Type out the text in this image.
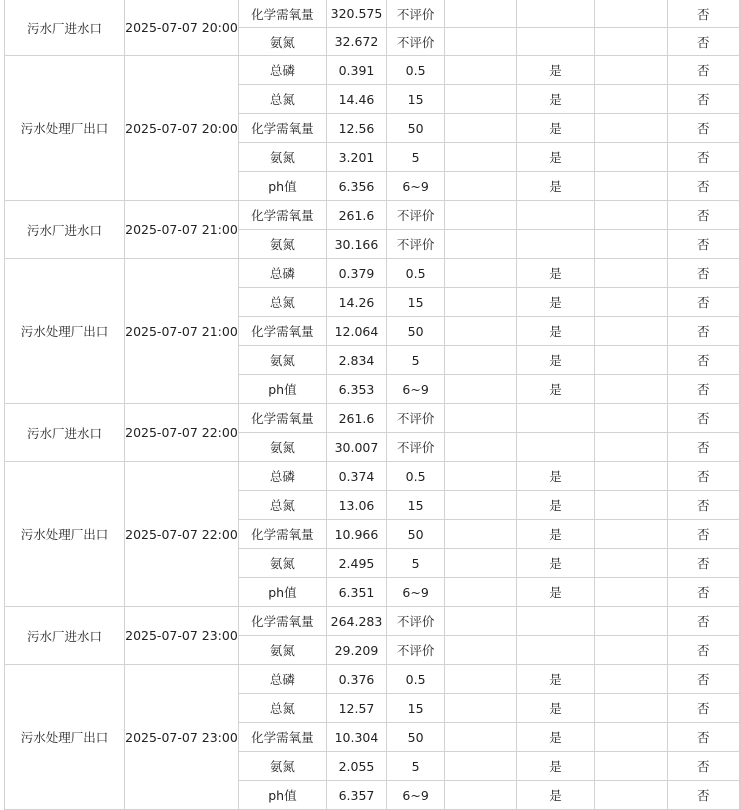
污水厂进水口	2025-07-07 20:00	化学需氧量	320.575	不评价				否	
		氨氮	32.672	不评价				否	
污水处理厂出口	2025-07-07 20:00	总磷	0.391	0.5		是		否	
		总氮	14.46	15		是		否	
		化学需氧量	12.56	50		是		否	
		氨氮	3.201	5		是		否	
		ph值	6.356	6~9		是		否	
污水厂进水口	2025-07-07 21:00	化学需氧量	261.6	不评价				否	
		氨氮	30.166	不评价				否	
污水处理厂出口	2025-07-07 21:00	总磷	0.379	0.5		是		否	
		总氮	14.26	15		是		否	
		化学需氧量	12.064	50		是		否	
		氨氮	2.834	5		是		否	
		ph值	6.353	6~9		是		否	
污水厂进水口	2025-07-07 22:00	化学需氧量	261.6	不评价				否	
		氨氮	30.007	不评价				否	
污水处理厂出口	2025-07-07 22:00	总磷	0.374	0.5		是		否	
		总氮	13.06	15		是		否	
		化学需氧量	10.966	50		是		否	
		氨氮	2.495	5		是		否	
		ph值	6.351	6~9		是		否	
污水厂进水口	2025-07-07 23:00	化学需氧量	264.283	不评价				否	
		氨氮	29.209	不评价				否	
污水处理厂出口	2025-07-07 23:00	总磷	0.376	0.5		是		否	
		总氮	12.57	15		是		否	
		化学需氧量	10.304	50		是		否	
		氨氮	2.055	5		是		否	
		ph值	6.357	6~9		是		否	
